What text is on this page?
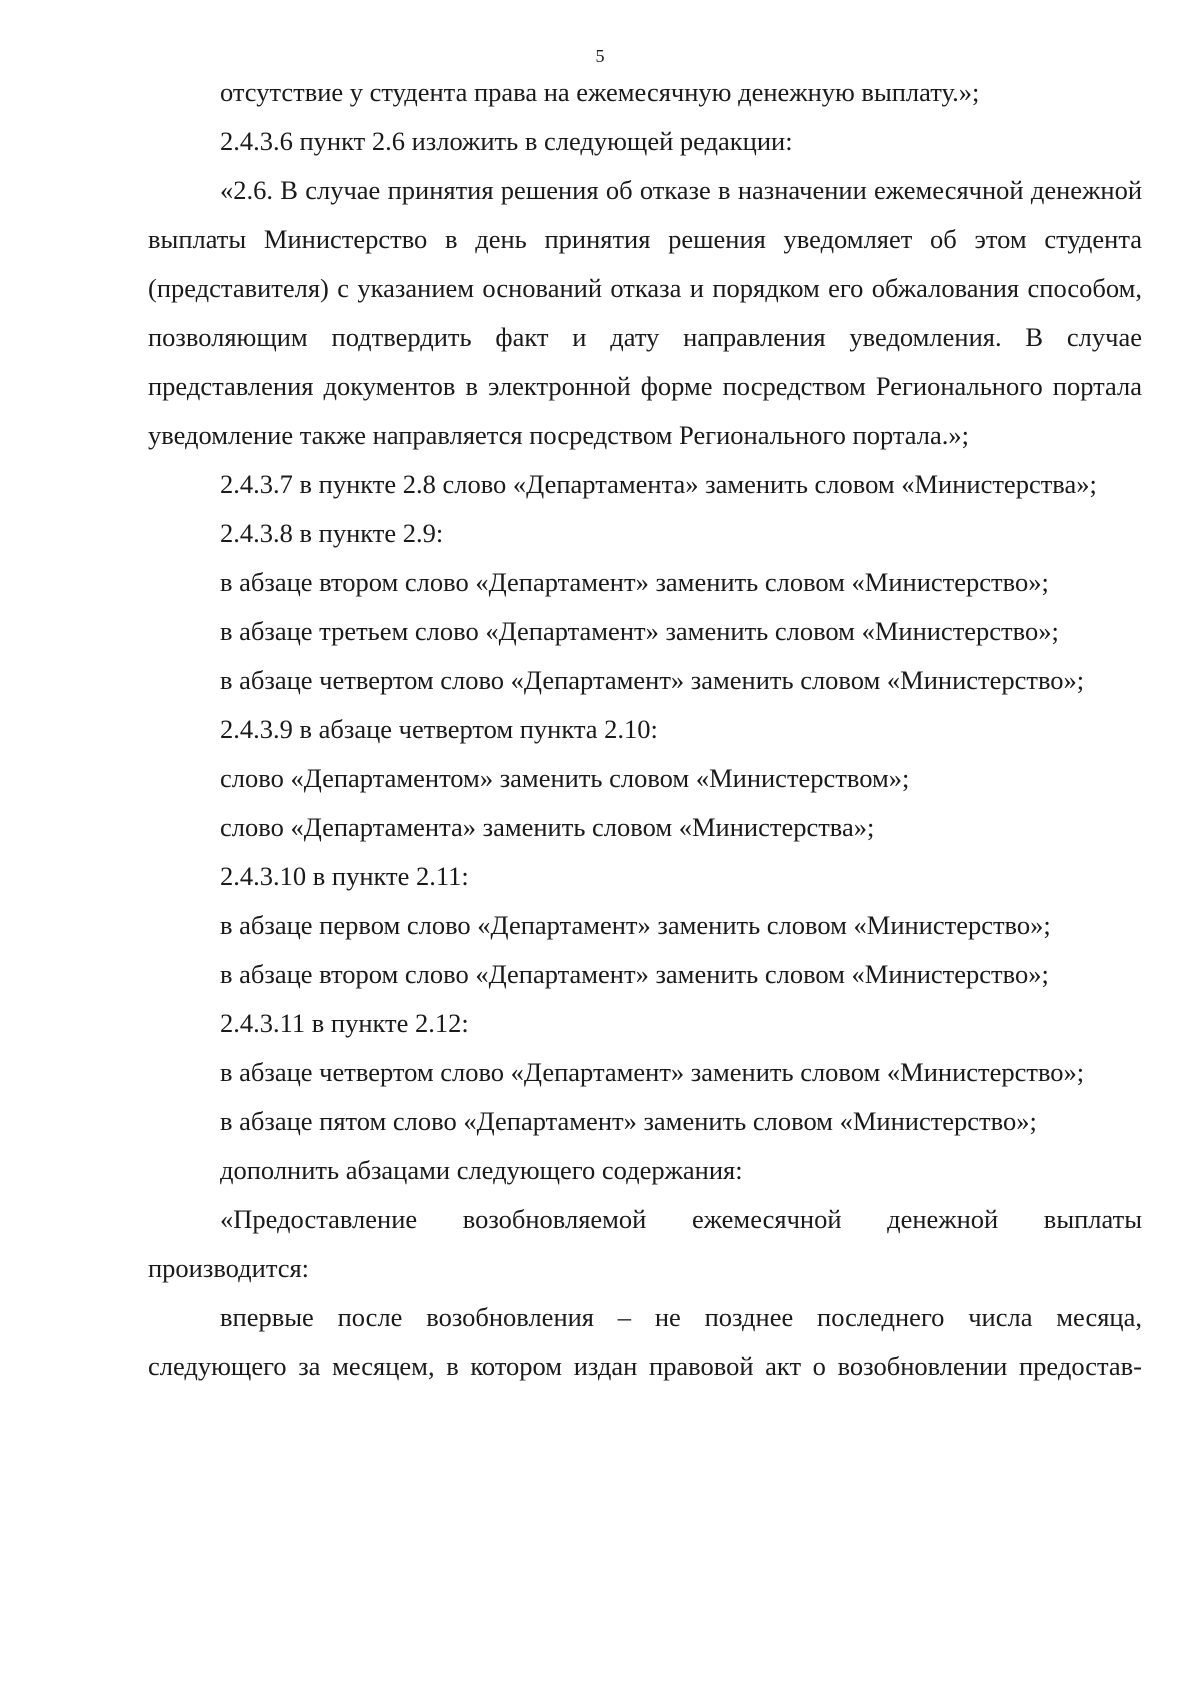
5

отсутствие у студента права на ежемесячную денежную выплату.»;

2.4.3.6 пункт 2.6 изложить в следующей редакции:

«2.6. В случае принятия решения об отказе в назначении ежемесячной денежной выплаты Министерство в день принятия решения уведомляет об этом студента (представителя) с указанием оснований отказа и порядком его обжалования способом, позволяющим подтвердить факт и дату направления уведомления. В случае представления документов в электронной форме посредством Регионального портала уведомление также направляется посредством Регионального портала.»;

2.4.3.7 в пункте 2.8 слово «Департамента» заменить словом «Министерства»;

2.4.3.8 в пункте 2.9:

в абзаце втором слово «Департамент» заменить словом «Министерство»;

в абзаце третьем слово «Департамент» заменить словом «Министерство»;

в абзаце четвертом слово «Департамент» заменить словом «Министерство»;

2.4.3.9 в абзаце четвертом пункта 2.10:

слово «Департаментом» заменить словом «Министерством»;

слово «Департамента» заменить словом «Министерства»;

2.4.3.10 в пункте 2.11:

в абзаце первом слово «Департамент» заменить словом «Министерство»;

в абзаце втором слово «Департамент» заменить словом «Министерство»;

2.4.3.11 в пункте 2.12:

в абзаце четвертом слово «Департамент» заменить словом «Министерство»;

в абзаце пятом слово «Департамент» заменить словом «Министерство»;

дополнить абзацами следующего содержания:

«Предоставление возобновляемой ежемесячной денежной выплаты производится:

впервые после возобновления – не позднее последнего числа месяца, следующего за месяцем, в котором издан правовой акт о возобновлении предостав-
